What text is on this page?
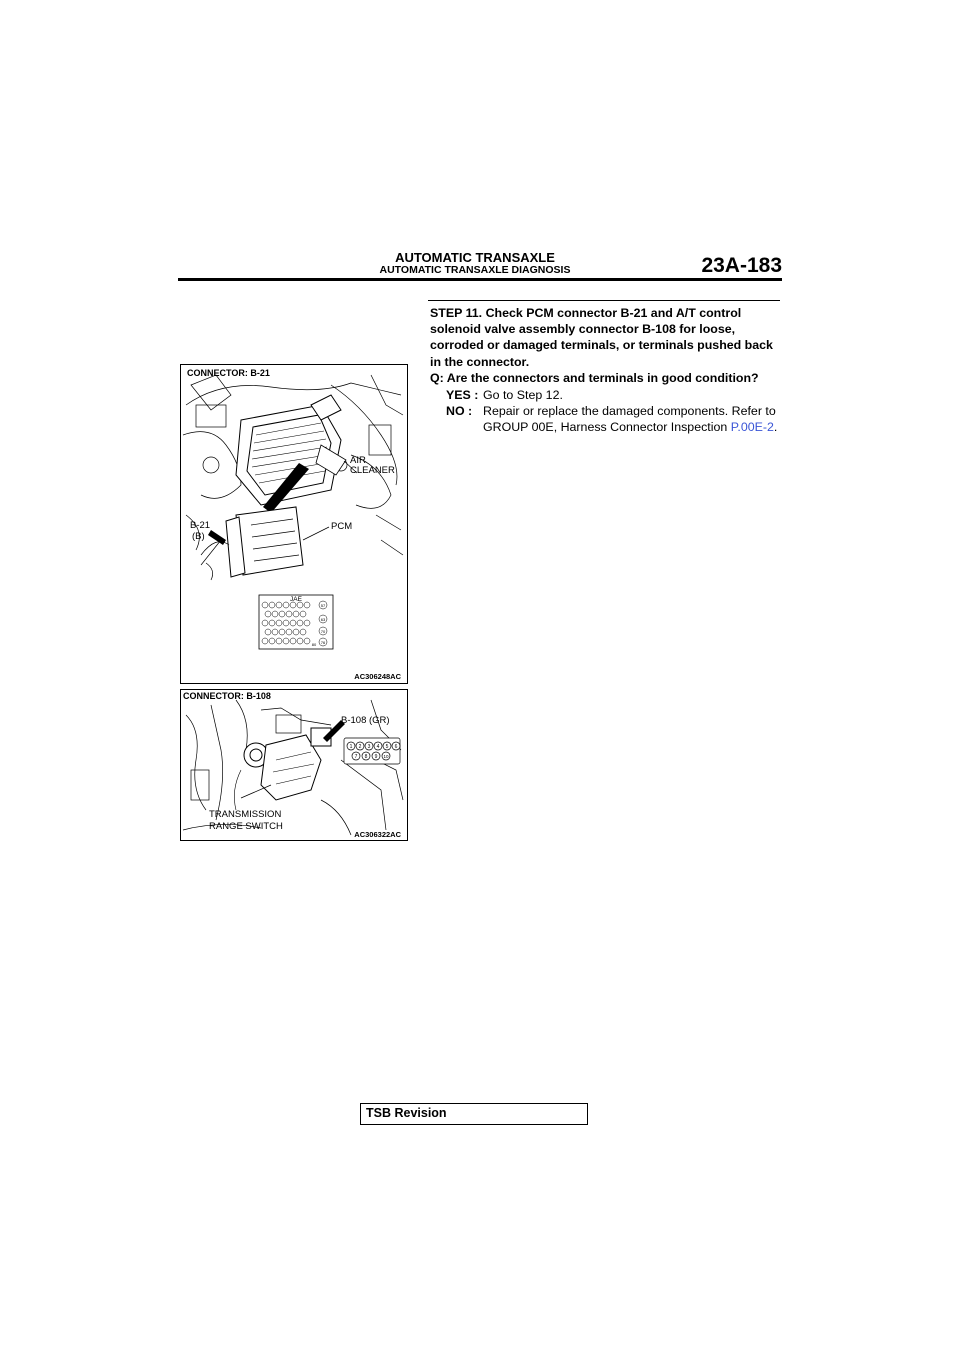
AUTOMATIC TRANSAXLE
AUTOMATIC TRANSAXLE DIAGNOSIS	23A-183
STEP 11. Check PCM connector B-21 and A/T control solenoid valve assembly connector B-108 for loose, corroded or damaged terminals, or terminals pushed back in the connector.
Q: Are the connectors and terminals in good condition?
YES : Go to Step 12.
NO : Repair or replace the damaged components. Refer to GROUP 00E, Harness Connector Inspection P.00E-2.
CONNECTOR: B-21
AIR
CLEANER
PCM
B-21
(B)
JAE
57
63
70
76
80
AC306248AC
CONNECTOR: B-108
B-108 (GR)
1 2 3 4 5 6
7 8 9 10
TRANSMISSION
RANGE SWITCH
AC306322AC
TSB Revision
